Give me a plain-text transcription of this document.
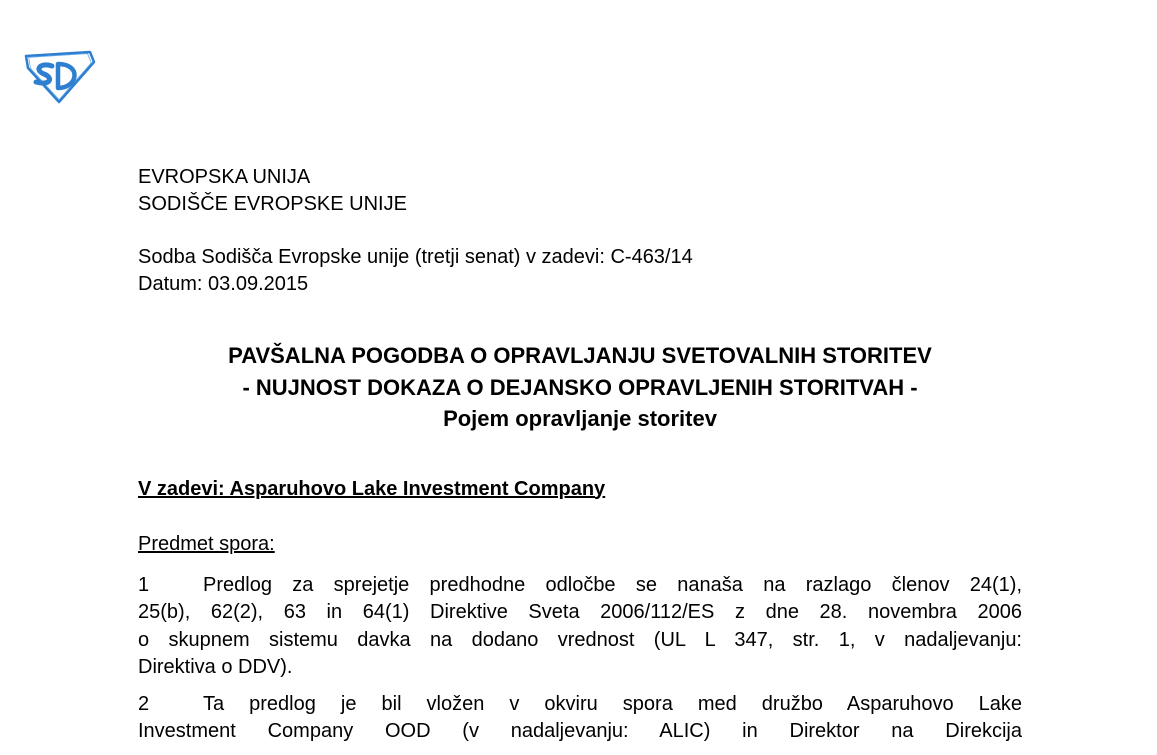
EVROPSKA UNIJA
SODIŠČE EVROPSKE UNIJE
Sodba Sodišča Evropske unije (tretji senat) v zadevi: C-463/14
Datum: 03.09.2015
PAVŠALNA POGODBA O OPRAVLJANJU SVETOVALNIH STORITEV
- NUJNOST DOKAZA O DEJANSKO OPRAVLJENIH STORITVAH -
Pojem opravljanje storitev
V zadevi: Asparuhovo Lake Investment Company
Predmet spora:
1	Predlog za sprejetje predhodne odločbe se nanaša na razlago členov 24(1),
25(b), 62(2), 63 in 64(1) Direktive Sveta 2006/112/ES z dne 28. novembra 2006
o skupnem sistemu davka na dodano vrednost (UL L 347, str. 1, v nadaljevanju:
Direktiva o DDV).
2	Ta predlog je bil vložen v okviru spora med družbo Asparuhovo Lake
Investment Company OOD (v nadaljevanju: ALIC) in Direktor na Direkcija
